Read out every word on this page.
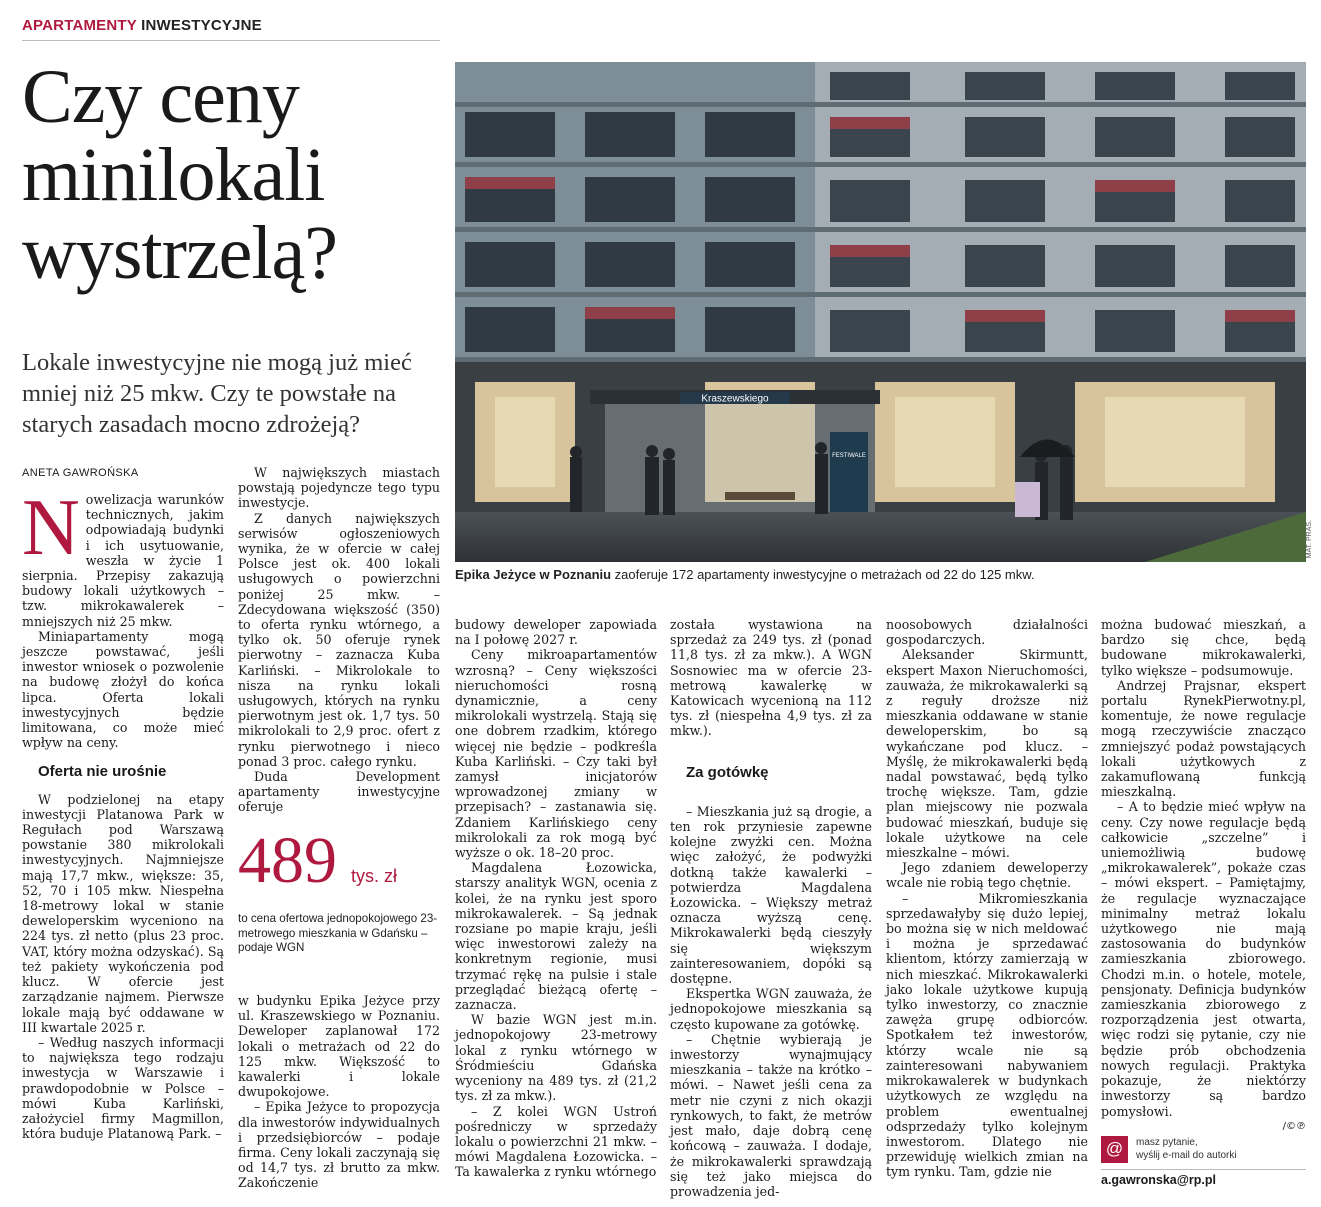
APARTAMENTY INWESTYCYJNE
Czy ceny
minilokali
wystrzelą?

Lokale inwestycyjne nie mogą już mieć mniej niż 25 mkw. Czy te powstałe na starych zasadach mocno zdrożeją?

ANETA GAWROŃSKA
Kraszewskiego
FESTIWALE
MAT. PRAS.
Epika Jeżyce w Poznaniu zaoferuje 172 apartamenty inwestycyjne o metrażach od 22 do 125 mkw.
N owelizacja warunków technicznych, jakim odpowiadają budynki i ich usytuowanie, weszła w życie 1 sierpnia. Przepisy zakazują budowy lokali użytkowych – tzw. mikrokawalerek – mniejszych niż 25 mkw.

Miniapartamenty mogą jeszcze powstawać, jeśli inwestor wniosek o pozwolenie na budowę złożył do końca lipca. Oferta lokali inwestycyjnych będzie limitowana, co może mieć wpływ na ceny.

Oferta nie urośnie

W podzielonej na etapy inwestycji Platanowa Park w Regułach pod Warszawą powstanie 380 mikrolokali inwestycyjnych. Najmniejsze mają 17,7 mkw., większe: 35, 52, 70 i 105 mkw. Niespełna 18-metrowy lokal w stanie deweloperskim wyceniono na 224 tys. zł netto (plus 23 proc. VAT, który można odzyskać). Są też pakiety wykończenia pod klucz. W ofercie jest zarządzanie najmem. Pierwsze lokale mają być oddawane w III kwartale 2025 r.

– Według naszych informacji to największa tego rodzaju inwestycja w Warszawie i prawdopodobnie w Polsce – mówi Kuba Karliński, założyciel firmy Magmillon, która buduje Platanową Park. –

W największych miastach powstają pojedyncze tego typu inwestycje.

Z danych największych serwisów ogłoszeniowych wynika, że w ofercie w całej Polsce jest ok. 400 lokali usługowych o powierzchni poniżej 25 mkw. – Zdecydowana większość (350) to oferta rynku wtórnego, a tylko ok. 50 oferuje rynek pierwotny – zaznacza Kuba Karliński. – Mikrolokale to nisza na rynku lokali usługowych, których na rynku pierwotnym jest ok. 1,7 tys. 50 mikrolokali to 2,9 proc. ofert z rynku pierwotnego i nieco ponad 3 proc. całego rynku.

Duda Development apartamenty inwestycyjne oferuje

489 tys. zł
to cena ofertowa jednopokojowego 23-metrowego mieszkania w Gdańsku – podaje WGN

w budynku Epika Jeżyce przy ul. Kraszewskiego w Poznaniu. Deweloper zaplanował 172 lokali o metrażach od 22 do 125 mkw. Większość to kawalerki i lokale dwupokojowe.

– Epika Jeżyce to propozycja dla inwestorów indywidualnych i przedsiębiorców – podaje firma. Ceny lokali zaczynają się od 14,7 tys. zł brutto za mkw. Zakończenie

budowy deweloper zapowiada na I połowę 2027 r.

Ceny mikroapartamentów wzrosną? – Ceny większości nieruchomości rosną dynamicznie, a ceny mikrolokali wystrzelą. Stają się one dobrem rzadkim, którego więcej nie będzie – podkreśla Kuba Karliński. – Czy taki był zamysł inicjatorów wprowadzonej zmiany w przepisach? – zastanawia się. Zdaniem Karlińskiego ceny mikrolokali za rok mogą być wyższe o ok. 18–20 proc.

Magdalena Łozowicka, starszy analityk WGN, ocenia z kolei, że na rynku jest sporo mikrokawalerek. – Są jednak rozsiane po mapie kraju, jeśli więc inwestorowi zależy na konkretnym regionie, musi trzymać rękę na pulsie i stale przeglądać bieżącą ofertę – zaznacza.

W bazie WGN jest m.in. jednopokojowy 23-metrowy lokal z rynku wtórnego w Śródmieściu Gdańska wyceniony na 489 tys. zł (21,2 tys. zł za mkw.).

– Z kolei WGN Ustroń pośredniczy w sprzedaży lokalu o powierzchni 21 mkw. – mówi Magdalena Łozowicka. – Ta kawalerka z rynku wtórnego

została wystawiona na sprzedaż za 249 tys. zł (ponad 11,8 tys. zł za mkw.). A WGN Sosnowiec ma w ofercie 23-metrową kawalerkę w Katowicach wycenioną na 112 tys. zł (niespełna 4,9 tys. zł za mkw.).

Za gotówkę

– Mieszkania już są drogie, a ten rok przyniesie zapewne kolejne zwyżki cen. Można więc założyć, że podwyżki dotkną także kawalerki – potwierdza Magdalena Łozowicka. – Większy metraż oznacza wyższą cenę. Mikrokawalerki będą cieszyły się większym zainteresowaniem, dopóki są dostępne.

Ekspertka WGN zauważa, że jednopokojowe mieszkania są często kupowane za gotówkę.

– Chętnie wybierają je inwestorzy wynajmujący mieszkania – także na krótko – mówi. – Nawet jeśli cena za metr nie czyni z nich okazji rynkowych, to fakt, że metrów jest mało, daje dobrą cenę końcową – zauważa. I dodaje, że mikrokawalerki sprawdzają się też jako miejsca do prowadzenia jed-

noosobowych działalności gospodarczych.

Aleksander Skirmuntt, ekspert Maxon Nieruchomości, zauważa, że mikrokawalerki są z reguły droższe niż mieszkania oddawane w stanie deweloperskim, bo są wykańczane pod klucz. – Myślę, że mikrokawalerki będą nadal powstawać, będą tylko trochę większe. Tam, gdzie plan miejscowy nie pozwala budować mieszkań, buduje się lokale użytkowe na cele mieszkalne – mówi.

Jego zdaniem deweloperzy wcale nie robią tego chętnie.

– Mikromieszkania sprzedawałyby się dużo lepiej, bo można się w nich meldować i można je sprzedawać klientom, którzy zamierzają w nich mieszkać. Mikrokawalerki jako lokale użytkowe kupują tylko inwestorzy, co znacznie zawęża grupę odbiorców. Spotkałem też inwestorów, którzy wcale nie są zainteresowani nabywaniem mikrokawalerek w budynkach użytkowych ze względu na problem ewentualnej odsprzedaży tylko kolejnym inwestorom. Dlatego nie przewiduję wielkich zmian na tym rynku. Tam, gdzie nie

można budować mieszkań, a bardzo się chce, będą budowane mikrokawalerki, tylko większe – podsumowuje.

Andrzej Prajsnar, ekspert portalu RynekPierwotny.pl, komentuje, że nowe regulacje mogą rzeczywiście znacząco zmniejszyć podaż powstających lokali użytkowych z zakamuflowaną funkcją mieszkalną.

– A to będzie mieć wpływ na ceny. Czy nowe regulacje będą całkowicie „szczelne” i uniemożliwią budowę „mikrokawalerek”, pokaże czas – mówi ekspert. – Pamiętajmy, że regulacje wyznaczające minimalny metraż lokalu użytkowego nie mają zastosowania do budynków zamieszkania zbiorowego. Chodzi m.in. o hotele, motele, pensjonaty. Definicja budynków zamieszkania zbiorowego z rozporządzenia jest otwarta, więc rodzi się pytanie, czy nie będzie prób obchodzenia nowych regulacji. Praktyka pokazuje, że niektórzy inwestorzy są bardzo pomysłowi.

/©℗
@	masz pytanie,
wyślij e-mail do autorki
a.gawronska@rp.pl
